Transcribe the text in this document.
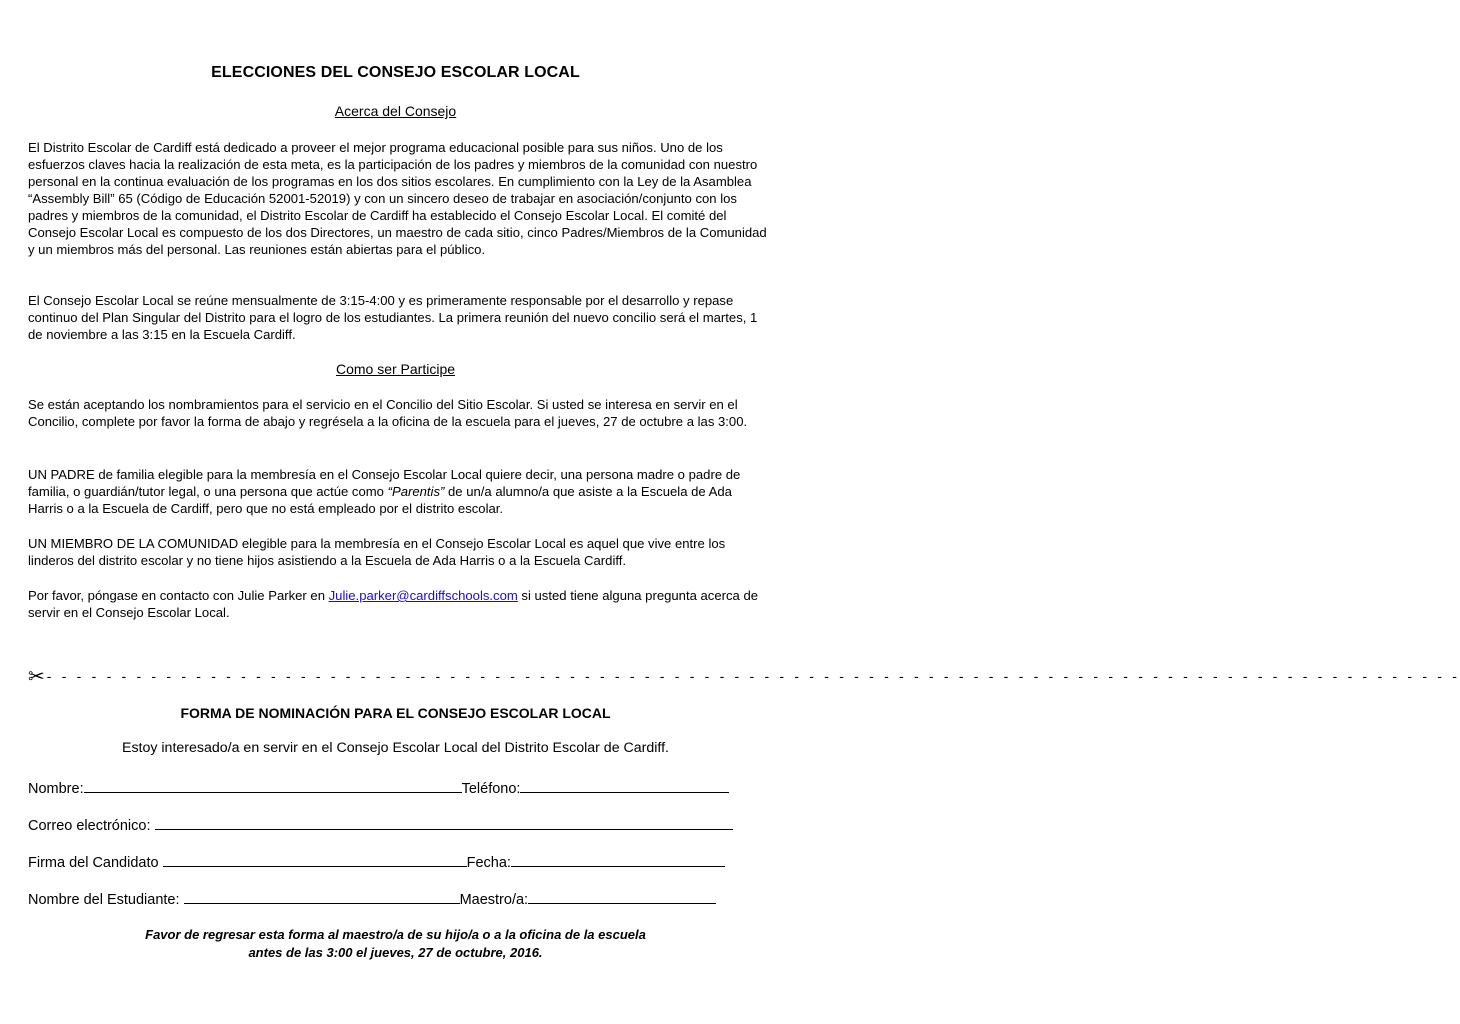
ELECCIONES DEL CONSEJO ESCOLAR LOCAL
Acerca del Consejo

El Distrito Escolar de Cardiff está dedicado a proveer el mejor programa educacional posible para sus niños. Uno de los esfuerzos claves hacia la realización de esta meta, es la participación de los padres y miembros de la comunidad con nuestro personal en la continua evaluación de los programas en los dos sitios escolares. En cumplimiento con la Ley de la Asamblea “Assembly Bill” 65 (Código de Educación 52001-52019) y con un sincero deseo de trabajar en asociación/conjunto con los padres y miembros de la comunidad, el Distrito Escolar de Cardiff ha establecido el Consejo Escolar Local. El comité del Consejo Escolar Local es compuesto de los dos Directores, un maestro de cada sitio, cinco Padres/Miembros de la Comunidad y un miembros más del personal. Las reuniones están abiertas para el público.

El Consejo Escolar Local se reúne mensualmente de 3:15-4:00 y es primeramente responsable por el desarrollo y repase continuo del Plan Singular del Distrito para el logro de los estudiantes. La primera reunión del nuevo concilio será el martes, 1 de noviembre a las 3:15 en la Escuela Cardiff.

Como ser Participe

Se están aceptando los nombramientos para el servicio en el Concilio del Sitio Escolar. Si usted se interesa en servir en el Concilio, complete por favor la forma de abajo y regrésela a la oficina de la escuela para el jueves, 27 de octubre a las 3:00.

UN PADRE de familia elegible para la membresía en el Consejo Escolar Local quiere decir, una persona madre o padre de familia, o guardián/tutor legal, o una persona que actúe como “Parentis” de un/a alumno/a que asiste a la Escuela de Ada Harris o a la Escuela de Cardiff, pero que no está empleado por el distrito escolar.

UN MIEMBRO DE LA COMUNIDAD elegible para la membresía en el Consejo Escolar Local es aquel que vive entre los linderos del distrito escolar y no tiene hijos asistiendo a la Escuela de Ada Harris o a la Escuela Cardiff.

Por favor, póngase en contacto con Julie Parker en Julie.parker@cardiffschools.com si usted tiene alguna pregunta acerca de servir en el Consejo Escolar Local.

✂ - - - - - - - - - - - - - - - - - - - - - - - - - - - - - - - - - - - - - - - - - - - - - - - - - - - - - - - - - - - - - - - - - - - - - - - - - - - - - - - - - - - - - - - - - - - - - - -
FORMA DE NOMINACIÓN PARA EL CONSEJO ESCOLAR LOCAL
Estoy interesado/a en servir en el Consejo Escolar Local del Distrito Escolar de Cardiff.
Nombre:	Teléfono:
Correo electrónico:
Firma del Candidato	Fecha:
Nombre del Estudiante:	Maestro/a:
Favor de regresar esta forma al maestro/a de su hijo/a o a la oficina de la escuela
antes de las 3:00 el jueves, 27 de octubre, 2016.
